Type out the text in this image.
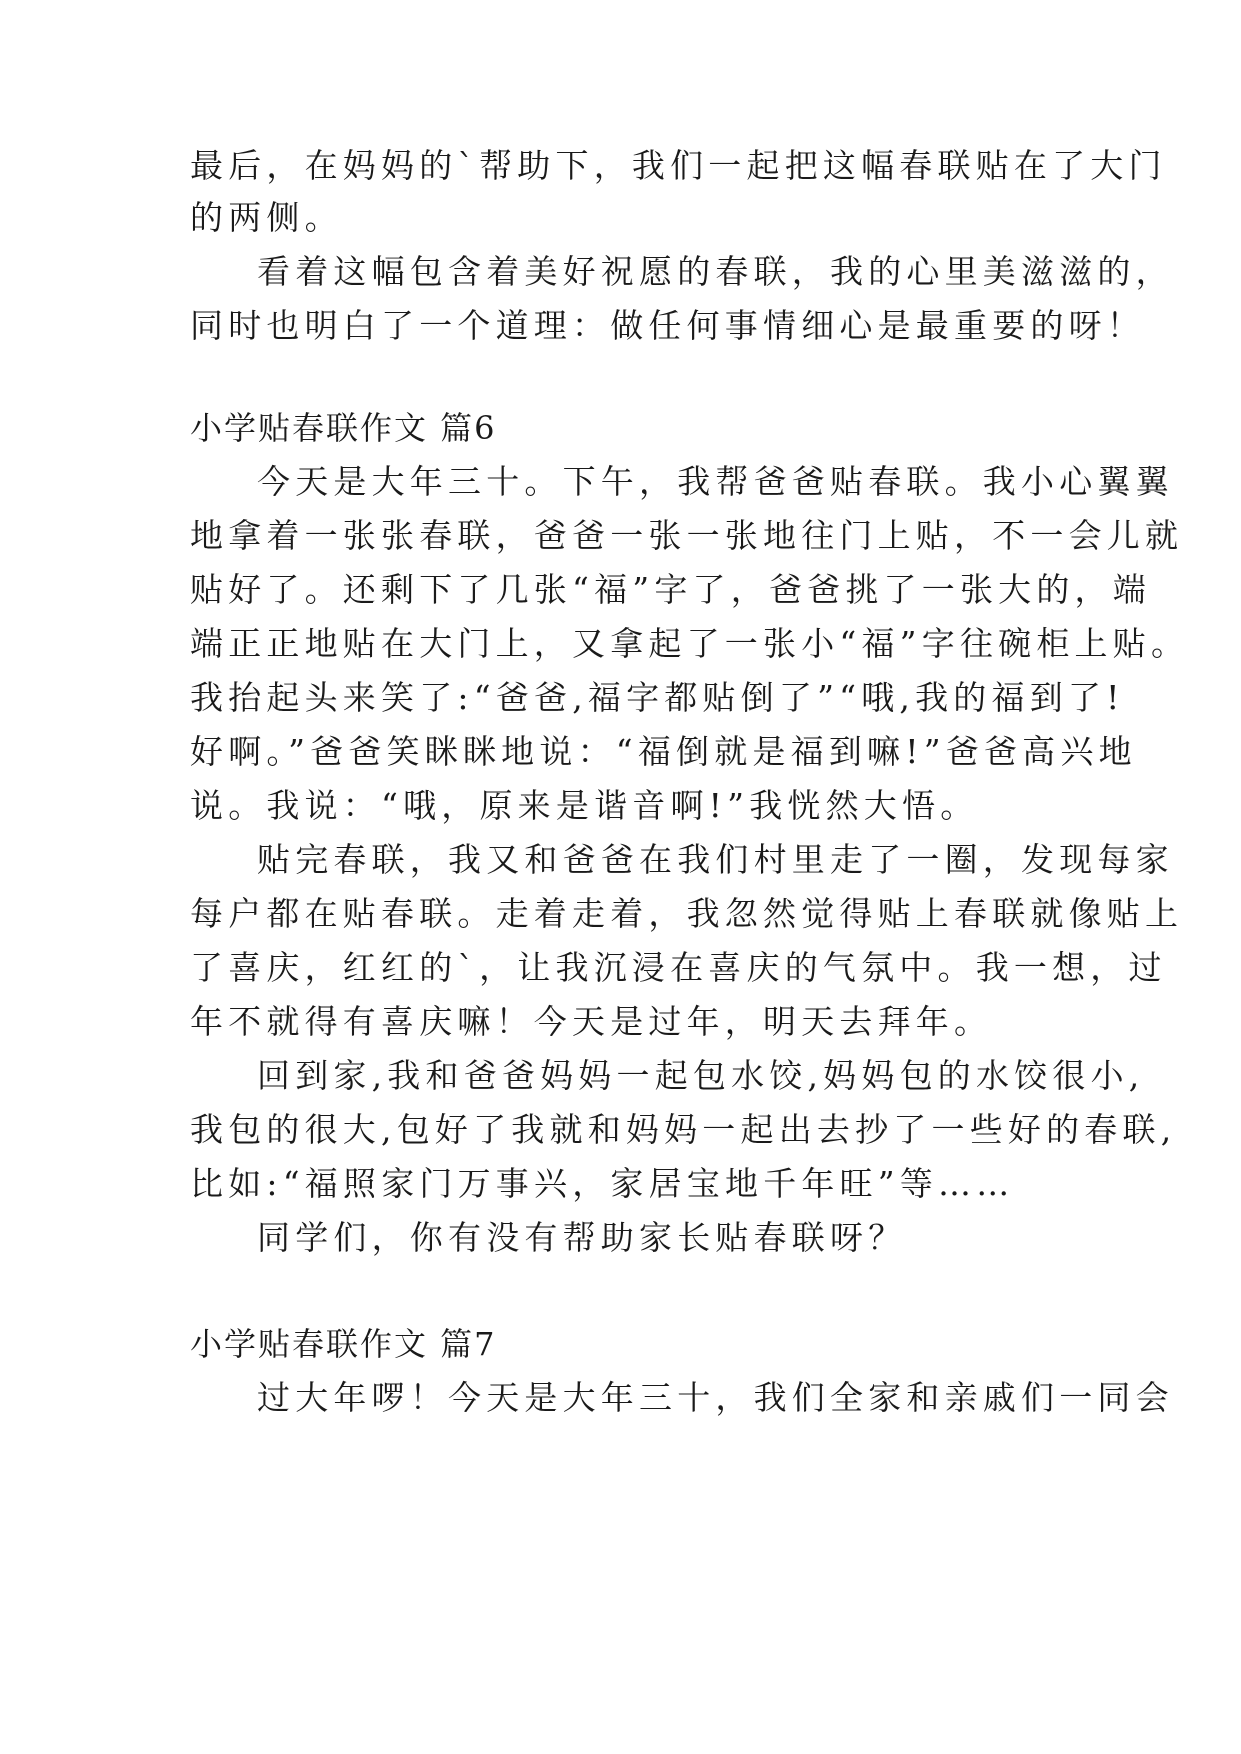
最后，在妈妈的`帮助下，我们一起把这幅春联贴在了大门
的两侧。
看着这幅包含着美好祝愿的春联，我的心里美滋滋的，
同时也明白了一个道理：做任何事情细心是最重要的呀！
小学贴春联作文 篇6
今天是大年三十。下午，我帮爸爸贴春联。我小心翼翼
地拿着一张张春联，爸爸一张一张地往门上贴，不一会儿就
贴好了。还剩下了几张“福”字了，爸爸挑了一张大的，端
端正正地贴在大门上，又拿起了一张小“福”字往碗柜上贴。
我抬起头来笑了:“爸爸,福字都贴倒了”“哦,我的福到了!
好啊。”爸爸笑眯眯地说：“福倒就是福到嘛!”爸爸高兴地
说。我说：“哦，原来是谐音啊!”我恍然大悟。
贴完春联，我又和爸爸在我们村里走了一圈，发现每家
每户都在贴春联。走着走着，我忽然觉得贴上春联就像贴上
了喜庆，红红的`，让我沉浸在喜庆的气氛中。我一想，过
年不就得有喜庆嘛！今天是过年，明天去拜年。
回到家,我和爸爸妈妈一起包水饺,妈妈包的水饺很小,
我包的很大,包好了我就和妈妈一起出去抄了一些好的春联,
比如:“福照家门万事兴，家居宝地千年旺”等……
同学们，你有没有帮助家长贴春联呀？
小学贴春联作文 篇7
过大年啰！今天是大年三十，我们全家和亲戚们一同会
